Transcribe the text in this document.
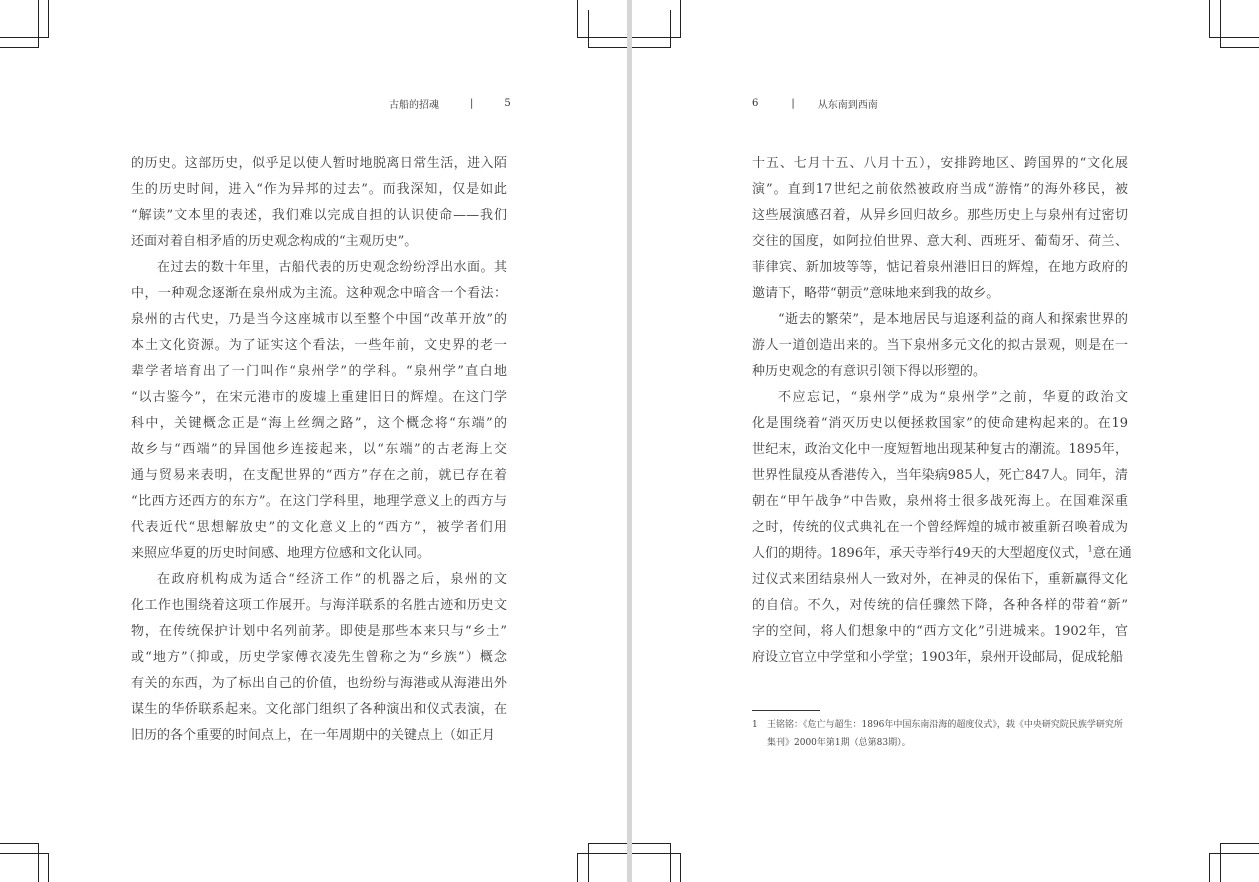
古船的招魂	|	5	6	| 从东南到西南

的历史。这部历史，似乎足以使人暂时地脱离日常生活，进入陌
生的历史时间，进入“作为异邦的过去”。而我深知，仅是如此
“解读”文本里的表述，我们难以完成自担的认识使命——我们
还面对着自相矛盾的历史观念构成的“主观历史”。

在过去的数十年里，古船代表的历史观念纷纷浮出水面。其
中，一种观念逐渐在泉州成为主流。这种观念中暗含一个看法：
泉州的古代史，乃是当今这座城市以至整个中国“改革开放”的
本土文化资源。为了证实这个看法，一些年前，文史界的老一
辈学者培育出了一门叫作“泉州学”的学科。“泉州学”直白地
“以古鉴今”，在宋元港市的废墟上重建旧日的辉煌。在这门学
科中，关键概念正是“海上丝绸之路”，这个概念将“东端”的
故乡与“西端”的异国他乡连接起来，以“东端”的古老海上交
通与贸易来表明，在支配世界的“西方”存在之前，就已存在着
“比西方还西方的东方”。在这门学科里，地理学意义上的西方与
代表近代“思想解放史”的文化意义上的“西方”，被学者们用
来照应华夏的历史时间感、地理方位感和文化认同。

在政府机构成为适合“经济工作”的机器之后，泉州的文
化工作也围绕着这项工作展开。与海洋联系的名胜古迹和历史文
物，在传统保护计划中名列前茅。即使是那些本来只与“乡土”
或“地方”（抑或，历史学家傅衣凌先生曾称之为“乡族”）概念
有关的东西，为了标出自己的价值，也纷纷与海港或从海港出外
谋生的华侨联系起来。文化部门组织了各种演出和仪式表演，在
旧历的各个重要的时间点上，在一年周期中的关键点上（如正月

十五、七月十五、八月十五），安排跨地区、跨国界的“文化展
演”。直到17世纪之前依然被政府当成“游惰”的海外移民，被
这些展演感召着，从异乡回归故乡。那些历史上与泉州有过密切
交往的国度，如阿拉伯世界、意大利、西班牙、葡萄牙、荷兰、
菲律宾、新加坡等等，惦记着泉州港旧日的辉煌，在地方政府的
邀请下，略带“朝贡”意味地来到我的故乡。

“逝去的繁荣”，是本地居民与追逐利益的商人和探索世界的
游人一道创造出来的。当下泉州多元文化的拟古景观，则是在一
种历史观念的有意识引领下得以形塑的。

不应忘记，“泉州学”成为“泉州学”之前，华夏的政治文
化是围绕着“消灭历史以便拯救国家”的使命建构起来的。在19
世纪末，政治文化中一度短暂地出现某种复古的潮流。1895年，
世界性鼠疫从香港传入，当年染病985人，死亡847人。同年，清
朝在“甲午战争”中告败，泉州将士很多战死海上。在国难深重
之时，传统的仪式典礼在一个曾经辉煌的城市被重新召唤着成为
人们的期待。1896年，承天寺举行49天的大型超度仪式，$^1$意在通
过仪式来团结泉州人一致对外，在神灵的保佑下，重新赢得文化
的自信。不久，对传统的信任骤然下降，各种各样的带着“新”
字的空间，将人们想象中的“西方文化”引进城来。1902年，官
府设立官立中学堂和小学堂；1903年，泉州开设邮局，促成轮船

1	王铭铭：《危亡与超生：1896年中国东南沿海的超度仪式》，载《中央研究院民族学研究所集刊》2000年第1期（总第83期）。
